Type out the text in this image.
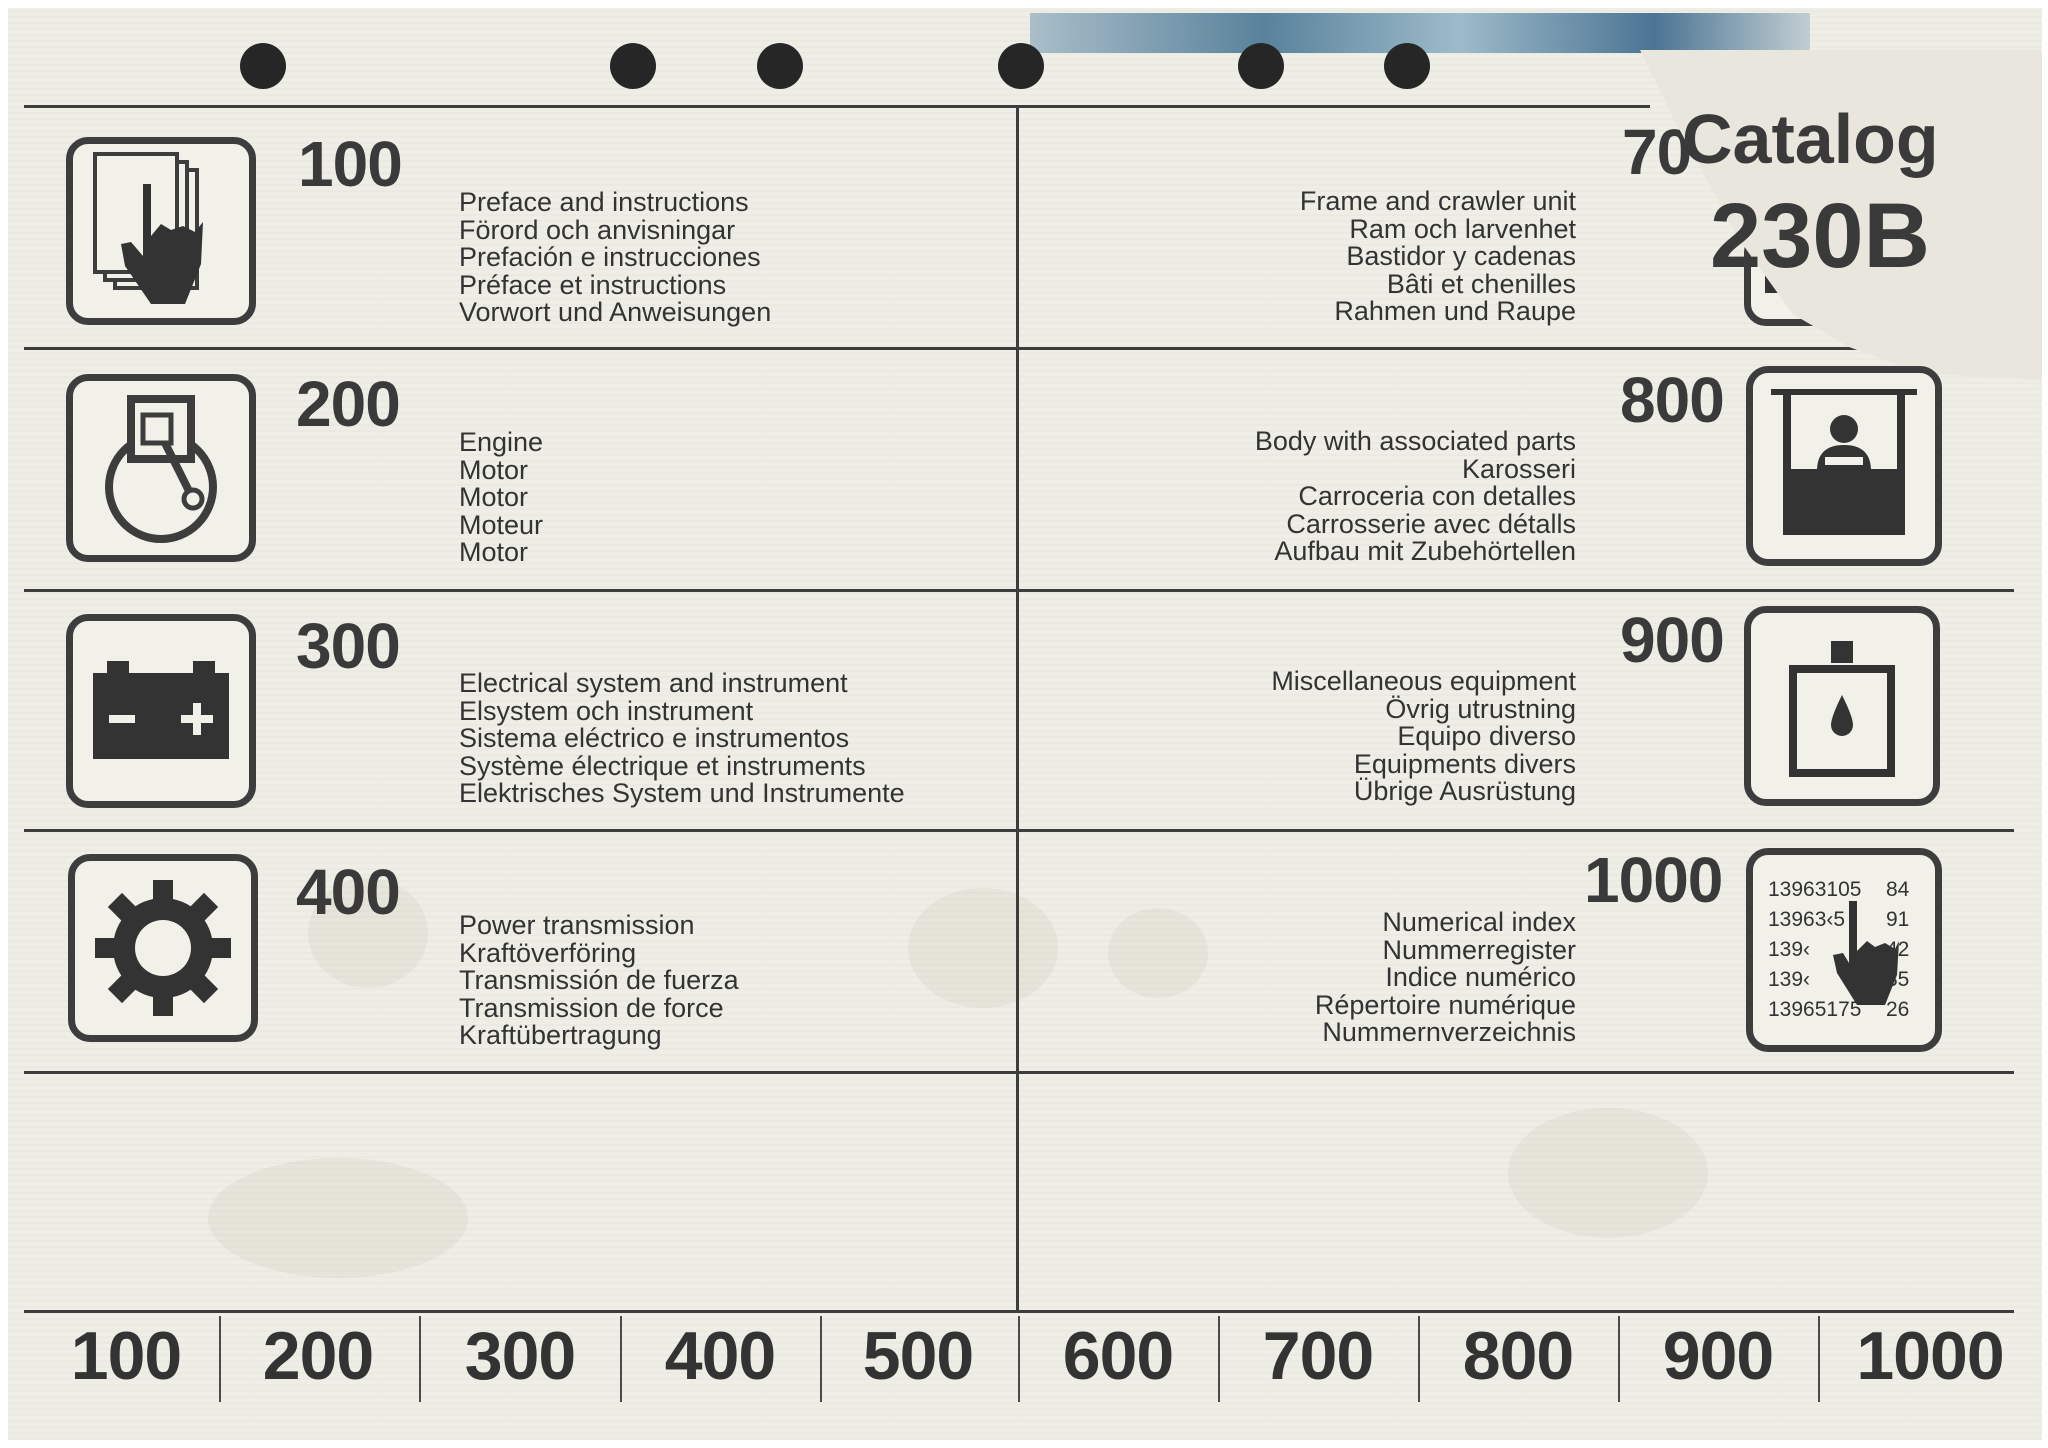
100
Preface and instructions
Förord och anvisningar
Prefación e instrucciones
Préface et instructions
Vorwort und Anweisungen
200
Engine
Motor
Motor
Moteur
Motor
300
Electrical system and instrument
Elsystem och instrument
Sistema eléctrico e instrumentos
Système électrique et instruments
Elektrisches System und Instrumente
400 Power transmission
Kraftöverföring
Transmissión de fuerza
Transmission de force
Kraftübertragung
70
Frame and crawler unit
Ram och larvenhet
Bastidor y cadenas
Bâti et chenilles
Rahmen und Raupe
Catalog
230B
800
Body with associated parts
Karosseri
Carroceria con detalles
Carrosserie avec détalls
Aufbau mit Zubehörtellen
900
Miscellaneous equipment
Övrig utrustning
Equipo diverso
Equipments divers
Übrige Ausrüstung
13963105 84
13963‹5 91
139‹	42
139‹	35
13965175 26
1000
Numerical index
Nummerregister
Indice numérico
Répertoire numérique
Nummernverzeichnis
100	200	300	400	500	600	700	800	900	1000
